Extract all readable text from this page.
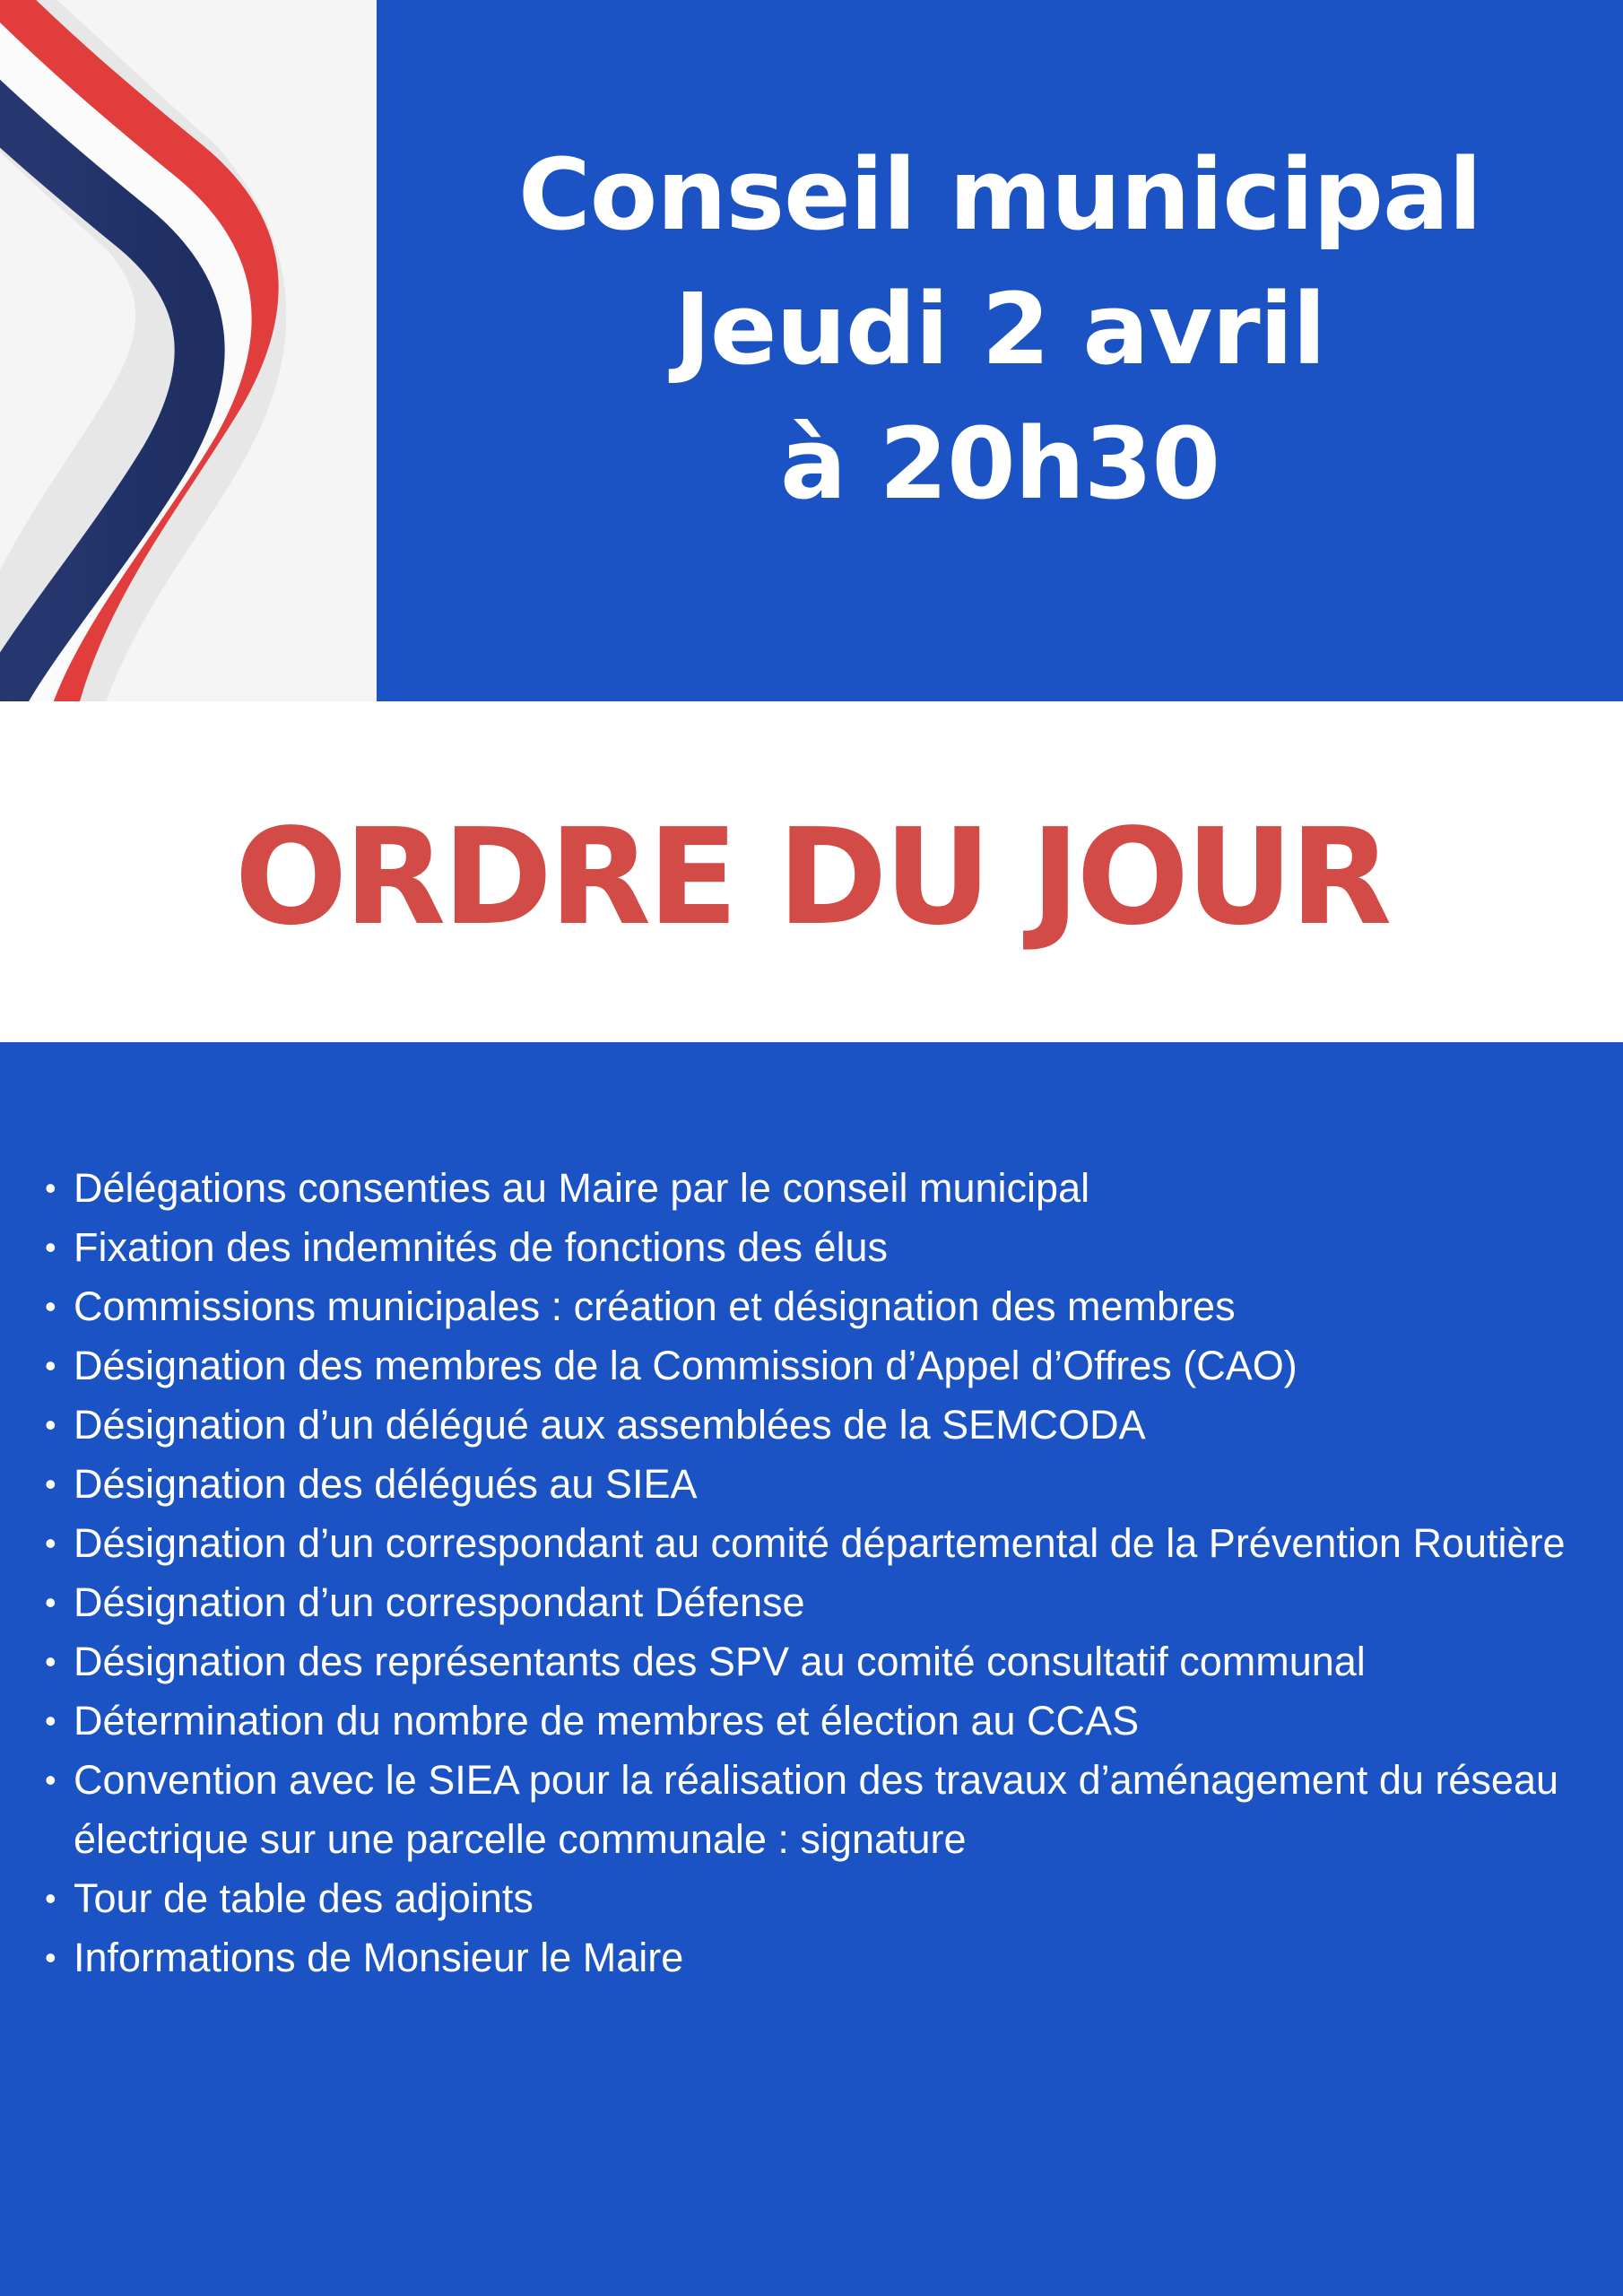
Conseil municipal
Jeudi 2 avril
à 20h30
ORDRE DU JOUR
• Délégations consenties au Maire par le conseil municipal
• Fixation des indemnités de fonctions des élus
• Commissions municipales : création et désignation des membres
• Désignation des membres de la Commission d’Appel d’Offres (CAO)
• Désignation d’un délégué aux assemblées de la SEMCODA
• Désignation des délégués au SIEA
• Désignation d’un correspondant au comité départemental de la Prévention Routière
• Désignation d’un correspondant Défense
• Désignation des représentants des SPV au comité consultatif communal
• Détermination du nombre de membres et élection au CCAS
• Convention avec le SIEA pour la réalisation des travaux d’aménagement du réseau électrique sur une parcelle communale : signature
• Tour de table des adjoints
• Informations de Monsieur le Maire
